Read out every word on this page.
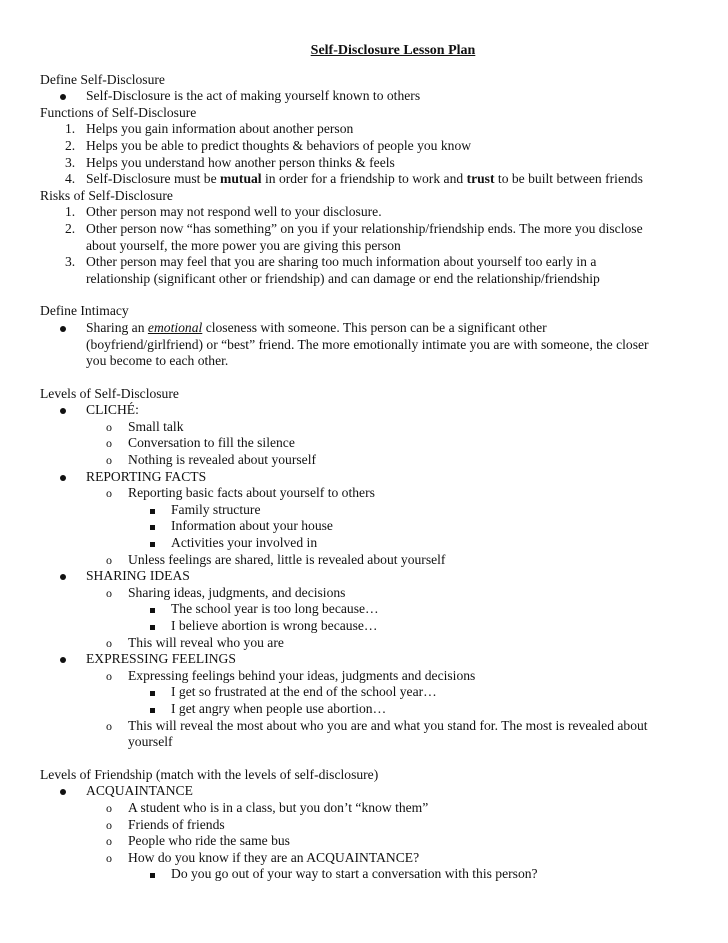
Self-Disclosure Lesson Plan
Define Self-Disclosure
Self-Disclosure is the act of making yourself known to others
Functions of Self-Disclosure
1. Helps you gain information about another person
2. Helps you be able to predict thoughts & behaviors of people you know
3. Helps you understand how another person thinks & feels
4. Self-Disclosure must be mutual in order for a friendship to work and trust to be built between friends
Risks of Self-Disclosure
1. Other person may not respond well to your disclosure.
2. Other person now “has something” on you if your relationship/friendship ends. The more you disclose
about yourself, the more power you are giving this person
3. Other person may feel that you are sharing too much information about yourself too early in a
relationship (significant other or friendship) and can damage or end the relationship/friendship
Define Intimacy
Sharing an emotional closeness with someone. This person can be a significant other
(boyfriend/girlfriend) or “best” friend. The more emotionally intimate you are with someone, the closer
you become to each other.
Levels of Self-Disclosure
CLICHÉ:
o Small talk
o Conversation to fill the silence
o Nothing is revealed about yourself
REPORTING FACTS
o Reporting basic facts about yourself to others
Family structure
Information about your house
Activities your involved in
o Unless feelings are shared, little is revealed about yourself
SHARING IDEAS
o Sharing ideas, judgments, and decisions
The school year is too long because…
I believe abortion is wrong because…
o This will reveal who you are
EXPRESSING FEELINGS
o Expressing feelings behind your ideas, judgments and decisions
I get so frustrated at the end of the school year…
I get angry when people use abortion…
o This will reveal the most about who you are and what you stand for. The most is revealed about
yourself
Levels of Friendship (match with the levels of self-disclosure)
ACQUAINTANCE
o A student who is in a class, but you don’t “know them”
o Friends of friends
o People who ride the same bus
o How do you know if they are an ACQUAINTANCE?
Do you go out of your way to start a conversation with this person?
